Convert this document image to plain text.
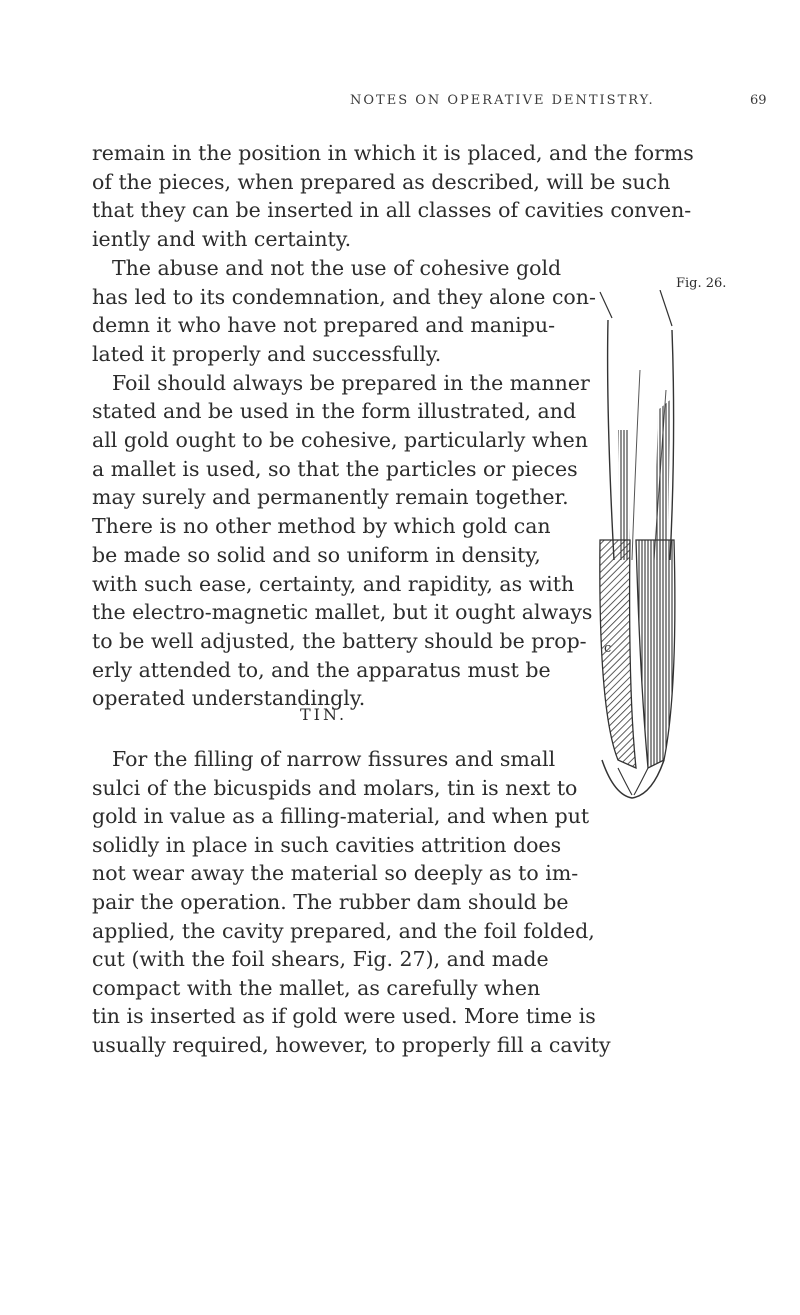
NOTES ON OPERATIVE DENTISTRY.	69
remain in the position in which it is placed, and the forms
of the pieces, when prepared as described, will be such
that they can be inserted in all classes of cavities conven-
iently and with certainty.
The abuse and not the use of cohesive gold
has led to its condemnation, and they alone con-
demn it who have not prepared and manipu-
lated it properly and successfully.
Foil should always be prepared in the manner
stated and be used in the form illustrated, and
all gold ought to be cohesive, particularly when
a mallet is used, so that the particles or pieces
may surely and permanently remain together.
There is no other method by which gold can
be made so solid and so uniform in density,
with such ease, certainty, and rapidity, as with
the electro-magnetic mallet, but it ought always
to be well adjusted, the battery should be prop-
erly attended to, and the apparatus must be
operated understandingly.
TIN.
For the filling of narrow fissures and small
sulci of the bicuspids and molars, tin is next to
gold in value as a filling-material, and when put
solidly in place in such cavities attrition does
not wear away the material so deeply as to im-
pair the operation. The rubber dam should be
applied, the cavity prepared, and the foil folded,
cut (with the foil shears, Fig. 27), and made
compact with the mallet, as carefully when
tin is inserted as if gold were used. More time is
usually required, however, to properly fill a cavity
Fig. 26.
